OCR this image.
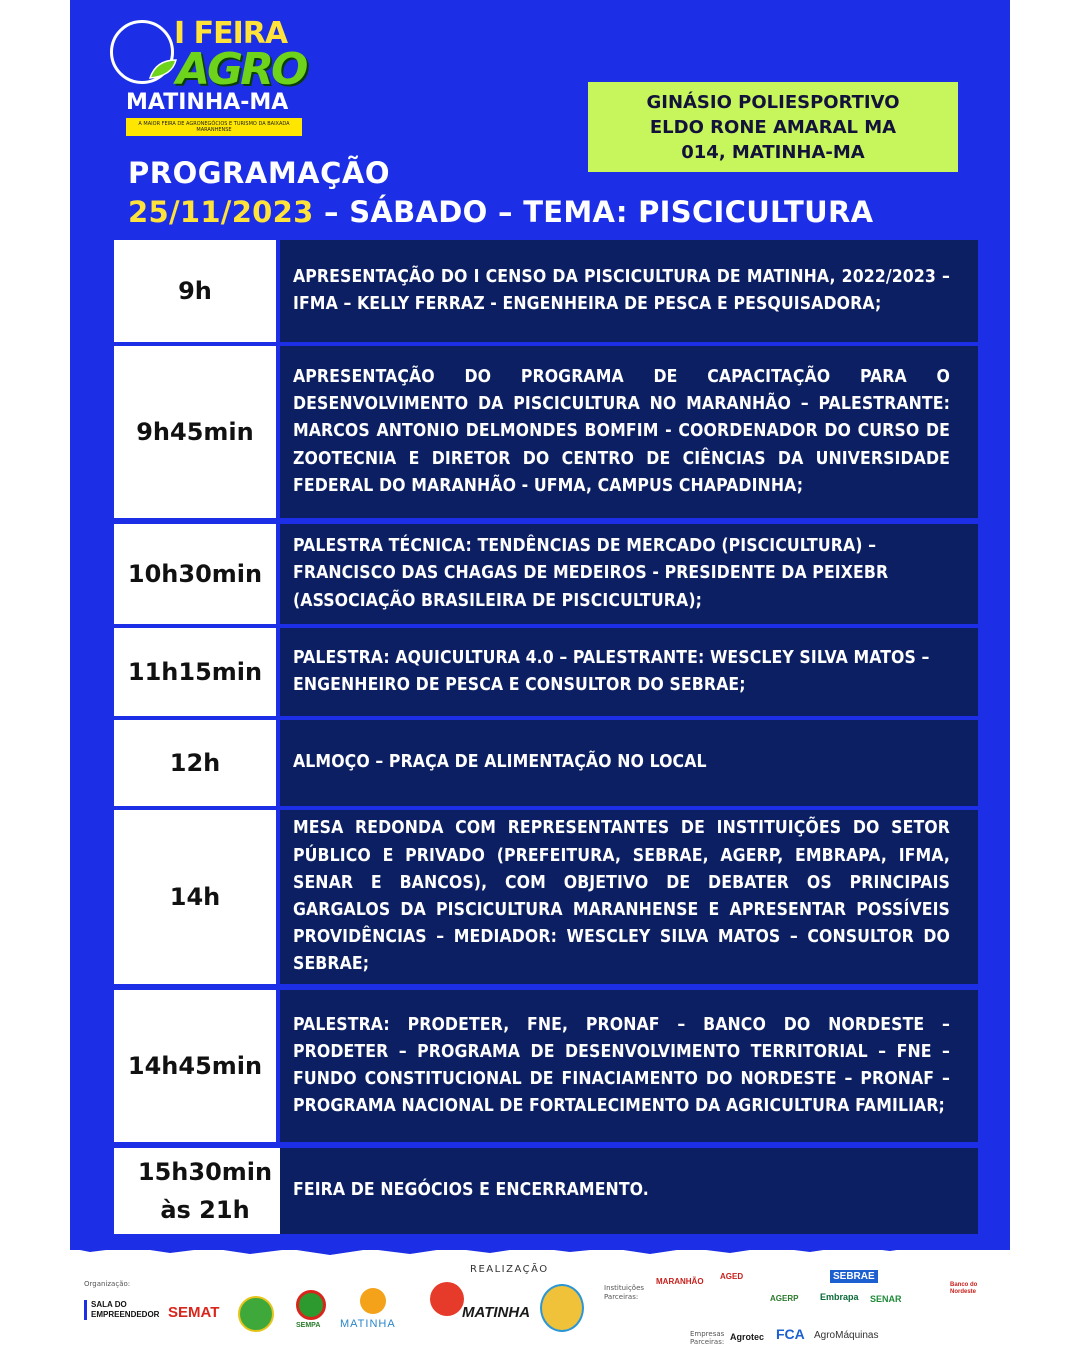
I FEIRA
AGRO
MATINHA-MA
A MAIOR FEIRA DE AGRONEGÓCIOS E TURISMO DA BAIXADA MARANHENSE
GINÁSIO POLIESPORTIVO
ELDO RONE AMARAL MA
014, MATINHA-MA
PROGRAMAÇÃO
25/11/2023 – SÁBADO – TEMA: PISCICULTURA
9h
APRESENTAÇÃO DO I CENSO DA PISCICULTURA DE MATINHA, 2022/2023 – IFMA – KELLY FERRAZ - ENGENHEIRA DE PESCA E PESQUISADORA;
9h45min
APRESENTAÇÃO DO PROGRAMA DE CAPACITAÇÃO PARA O DESENVOLVIMENTO DA PISCICULTURA NO MARANHÃO – PALESTRANTE: MARCOS ANTONIO DELMONDES BOMFIM - COORDENADOR DO CURSO DE ZOOTECNIA E DIRETOR DO CENTRO DE CIÊNCIAS DA UNIVERSIDADE FEDERAL DO MARANHÃO - UFMA, CAMPUS CHAPADINHA;
10h30min
PALESTRA TÉCNICA: TENDÊNCIAS DE MERCADO (PISCICULTURA) – FRANCISCO DAS CHAGAS DE MEDEIROS - PRESIDENTE DA PEIXEBR (ASSOCIAÇÃO BRASILEIRA DE PISCICULTURA);
11h15min
PALESTRA: AQUICULTURA 4.0 – PALESTRANTE: WESCLEY SILVA MATOS – ENGENHEIRO DE PESCA E CONSULTOR DO SEBRAE;
12h	ALMOÇO – PRAÇA DE ALIMENTAÇÃO NO LOCAL
14h
MESA REDONDA COM REPRESENTANTES DE INSTITUIÇÕES DO SETOR PÚBLICO E PRIVADO (PREFEITURA, SEBRAE, AGERP, EMBRAPA, IFMA, SENAR E BANCOS), COM OBJETIVO DE DEBATER OS PRINCIPAIS GARGALOS DA PISCICULTURA MARANHENSE E APRESENTAR POSSÍVEIS PROVIDÊNCIAS – MEDIADOR: WESCLEY SILVA MATOS – CONSULTOR DO SEBRAE;
14h45min
PALESTRA: PRODETER, FNE, PRONAF – BANCO DO NORDESTE – PRODETER – PROGRAMA DE DESENVOLVIMENTO TERRITORIAL – FNE – FUNDO CONSTITUCIONAL DE FINACIAMENTO DO NORDESTE – PRONAF – PROGRAMA NACIONAL DE FORTALECIMENTO DA AGRICULTURA FAMILIAR;
15h30min às 21h
FEIRA DE NEGÓCIOS E ENCERRAMENTO.
Organização:
REALIZAÇÃO
Instituições Parceiras:
Empresas Parceiras:
SALA DO EMPREENDEDOR SEMAT
SEMPA MATINHA
MATINHA
MARANHÃO
AGED
AGERP
SEBRAE
Embrapa SENAR
Banco do Nordeste
Agrotec FCA AgroMáquinas
